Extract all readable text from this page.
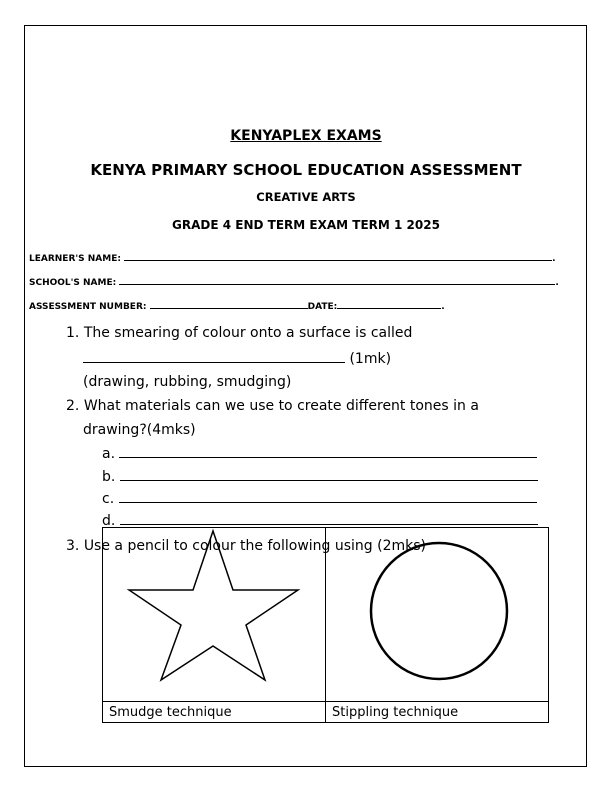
KENYAPLEX EXAMS
KENYA PRIMARY SCHOOL EDUCATION ASSESSMENT
CREATIVE ARTS
GRADE 4 END TERM EXAM TERM 1 2025
LEARNER'S NAME:	.
SCHOOL'S NAME:	.
ASSESSMENT NUMBER:	DATE:	.
1. The smearing of colour onto a surface is called
(1mk)
(drawing, rubbing, smudging)
2. What materials can we use to create different tones in a
drawing?(4mks)
a.
b.
c.
d.
3. Use a pencil to colour the following using (2mks)

Smudge technique	Stippling technique
